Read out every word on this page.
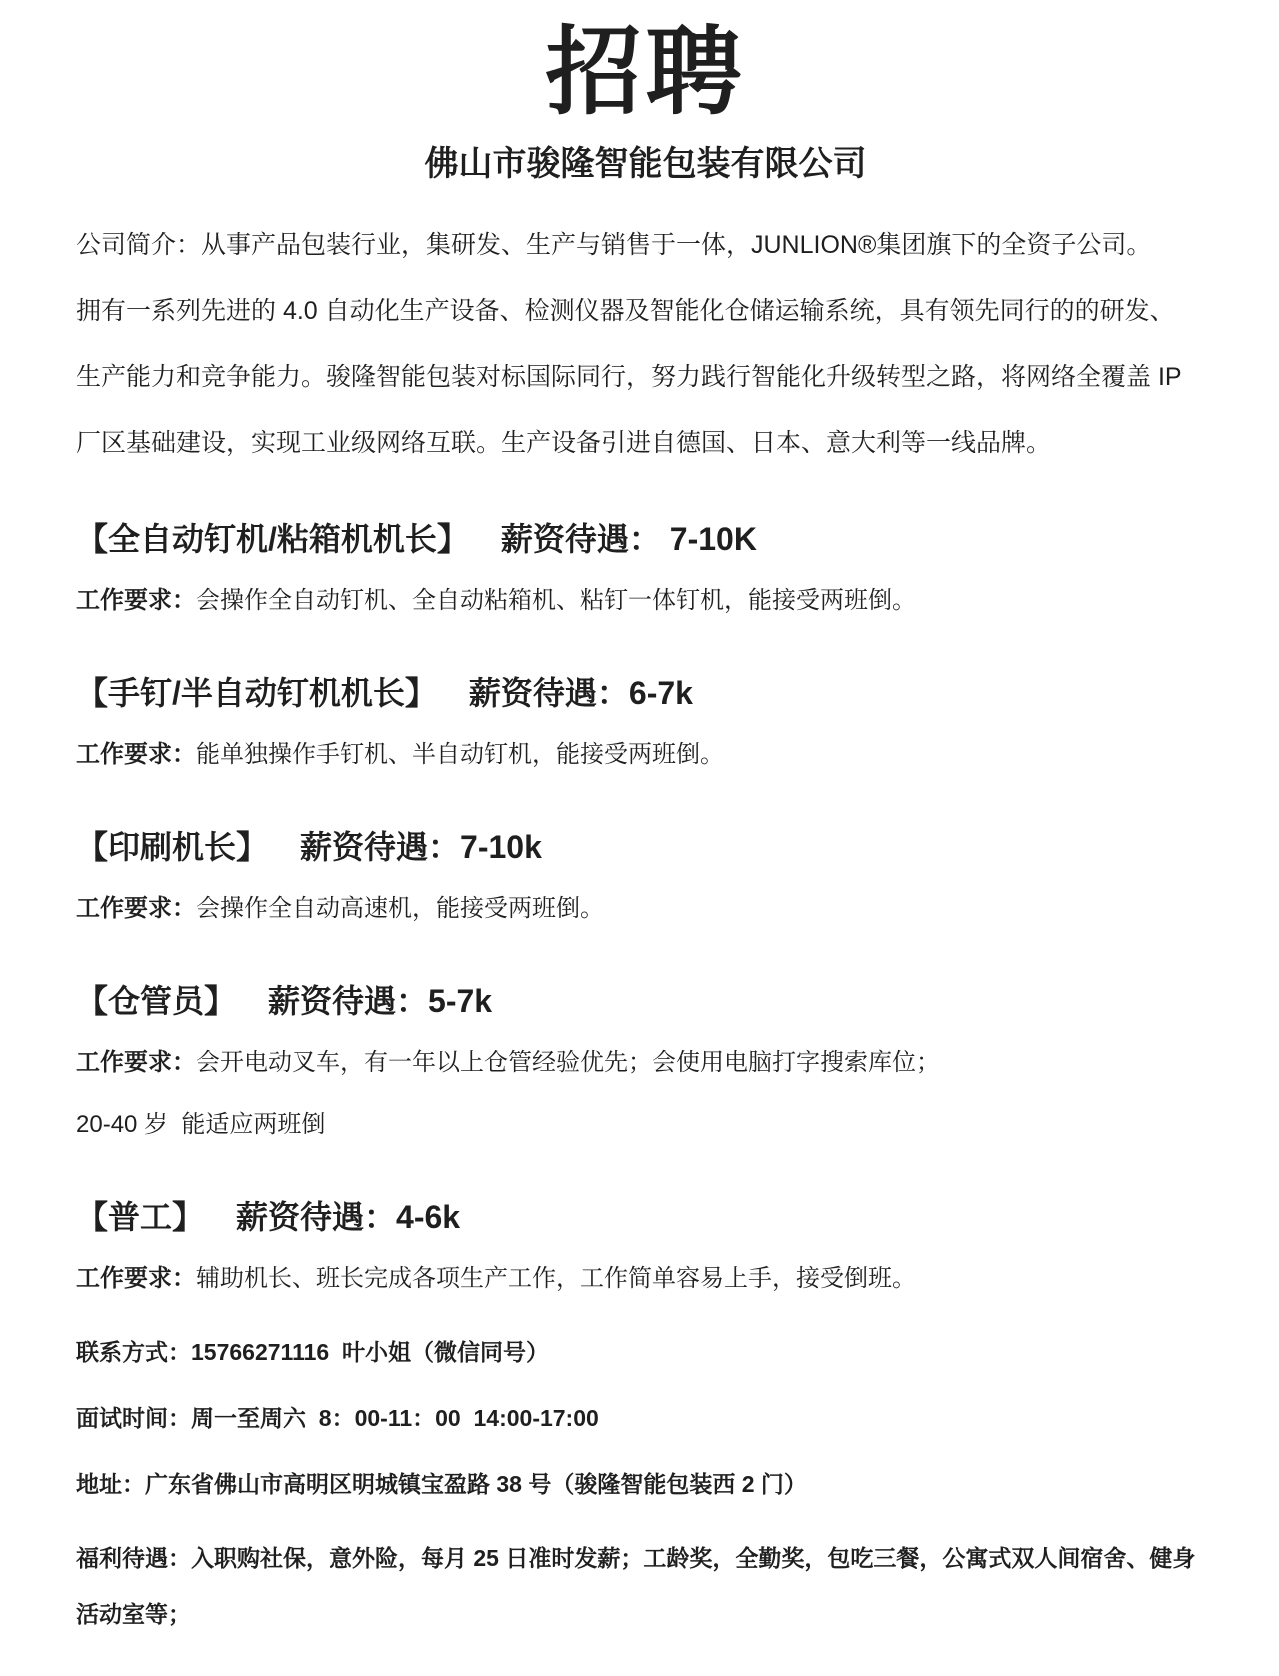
招聘
佛山市骏隆智能包装有限公司
公司简介：从事产品包装行业，集研发、生产与销售于一体，JUNLION®集团旗下的全资子公司。
拥有一系列先进的 4.0 自动化生产设备、检测仪器及智能化仓储运输系统，具有领先同行的的研发、
生产能力和竞争能力。骏隆智能包装对标国际同行，努力践行智能化升级转型之路，将网络全覆盖 IP
厂区基础建设，实现工业级网络互联。生产设备引进自德国、日本、意大利等一线品牌。
【全自动钉机/粘箱机机长】 薪资待遇： 7-10K

工作要求：会操作全自动钉机、全自动粘箱机、粘钉一体钉机，能接受两班倒。

【手钉/半自动钉机机长】 薪资待遇：6-7k

工作要求：能单独操作手钉机、半自动钉机，能接受两班倒。

【印刷机长】 薪资待遇：7-10k

工作要求：会操作全自动高速机，能接受两班倒。

【仓管员】 薪资待遇：5-7k

工作要求：会开电动叉车，有一年以上仓管经验优先；会使用电脑打字搜索库位；

20-40 岁  能适应两班倒

【普工】 薪资待遇：4-6k

工作要求：辅助机长、班长完成各项生产工作，工作简单容易上手，接受倒班。

联系方式：15766271116  叶小姐（微信同号）

面试时间：周一至周六  8：00-11：00  14:00-17:00

地址：广东省佛山市高明区明城镇宝盈路 38 号（骏隆智能包装西 2 门）

福利待遇：入职购社保，意外险，每月 25 日准时发薪；工龄奖，全勤奖，包吃三餐，公寓式双人间宿舍、健身活动室等；
